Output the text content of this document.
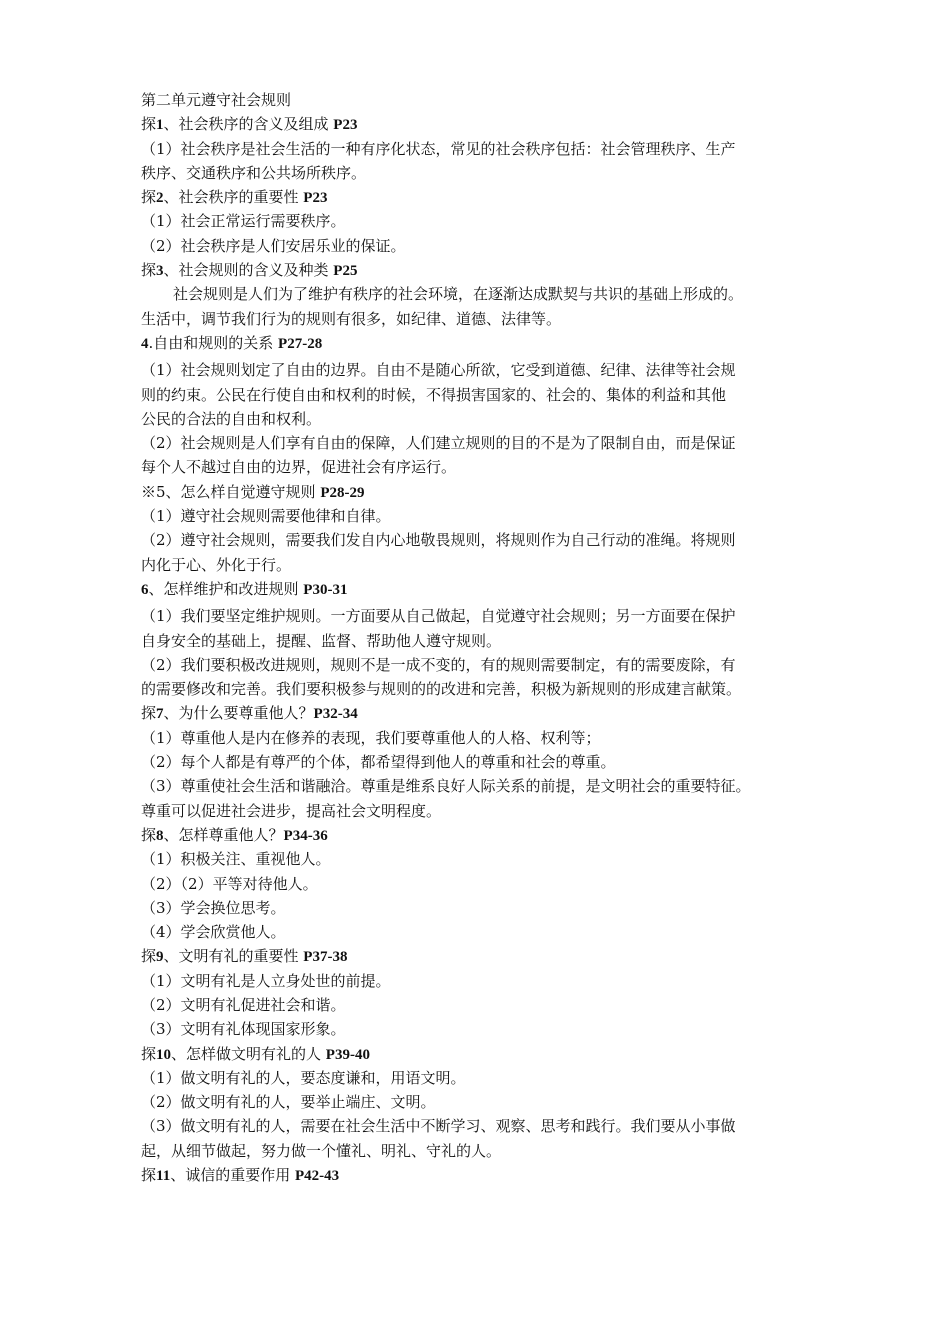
第二单元遵守社会规则
探1、社会秩序的含义及组成 P23
（1）社会秩序是社会生活的一种有序化状态，常见的社会秩序包括：社会管理秩序、生产
秩序、交通秩序和公共场所秩序。
探2、社会秩序的重要性 P23
（1）社会正常运行需要秩序。
（2）社会秩序是人们安居乐业的保证。
探3、社会规则的含义及种类 P25
社会规则是人们为了维护有秩序的社会环境，在逐渐达成默契与共识的基础上形成的。
生活中，调节我们行为的规则有很多，如纪律、道德、法律等。
4.自由和规则的关系 P27-28
（1）社会规则划定了自由的边界。自由不是随心所欲，它受到道德、纪律、法律等社会规
则的约束。公民在行使自由和权利的时候，不得损害国家的、社会的、集体的利益和其他
公民的合法的自由和权利。
（2）社会规则是人们享有自由的保障，人们建立规则的目的不是为了限制自由，而是保证
每个人不越过自由的边界，促进社会有序运行。
※5、怎么样自觉遵守规则 P28-29
（1）遵守社会规则需要他律和自律。
（2）遵守社会规则，需要我们发自内心地敬畏规则，将规则作为自己行动的准绳。将规则
内化于心、外化于行。
6、怎样维护和改进规则 P30-31
（1）我们要坚定维护规则。一方面要从自己做起，自觉遵守社会规则；另一方面要在保护
自身安全的基础上，提醒、监督、帮助他人遵守规则。
（2）我们要积极改进规则，规则不是一成不变的，有的规则需要制定，有的需要废除，有
的需要修改和完善。我们要积极参与规则的的改进和完善，积极为新规则的形成建言献策。
探7、为什么要尊重他人？P32-34
（1）尊重他人是内在修养的表现，我们要尊重他人的人格、权利等；
（2）每个人都是有尊严的个体，都希望得到他人的尊重和社会的尊重。
（3）尊重使社会生活和谐融洽。尊重是维系良好人际关系的前提，是文明社会的重要特征。
尊重可以促进社会进步，提高社会文明程度。
探8、怎样尊重他人？P34-36
（1）积极关注、重视他人。
（2）（2）平等对待他人。
（3）学会换位思考。
（4）学会欣赏他人。
探9、文明有礼的重要性 P37-38
（1）文明有礼是人立身处世的前提。
（2）文明有礼促进社会和谐。
（3）文明有礼体现国家形象。
探10、怎样做文明有礼的人 P39-40
（1）做文明有礼的人，要态度谦和，用语文明。
（2）做文明有礼的人，要举止端庄、文明。
（3）做文明有礼的人，需要在社会生活中不断学习、观察、思考和践行。我们要从小事做
起，从细节做起，努力做一个懂礼、明礼、守礼的人。
探11、诚信的重要作用 P42-43
